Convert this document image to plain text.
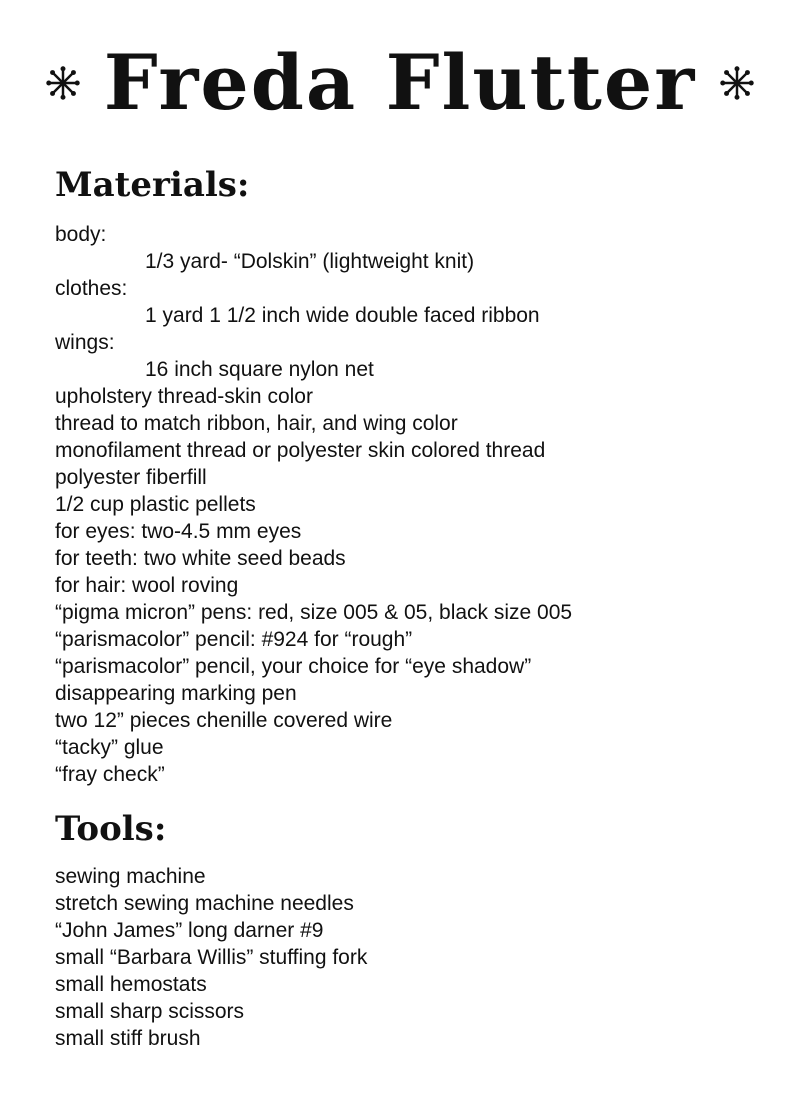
Freda Flutter
Materials:
body:
1/3 yard- “Dolskin” (lightweight knit)
clothes:
1 yard 1 1/2 inch wide double faced ribbon
wings:
16 inch square nylon net
upholstery thread-skin color
thread to match ribbon, hair, and wing color
monofilament thread or polyester skin colored thread
polyester fiberfill
1/2 cup plastic pellets
for eyes: two-4.5 mm eyes
for teeth: two white seed beads
for hair: wool roving
“pigma micron” pens: red, size 005 & 05, black size 005
“parismacolor” pencil: #924 for “rough”
“parismacolor” pencil, your choice for “eye shadow”
disappearing marking pen
two 12” pieces chenille covered wire
“tacky” glue
“fray check”
Tools:
sewing machine
stretch sewing machine needles
“John James” long darner #9
small “Barbara Willis” stuffing fork
small hemostats
small sharp scissors
small stiff brush
